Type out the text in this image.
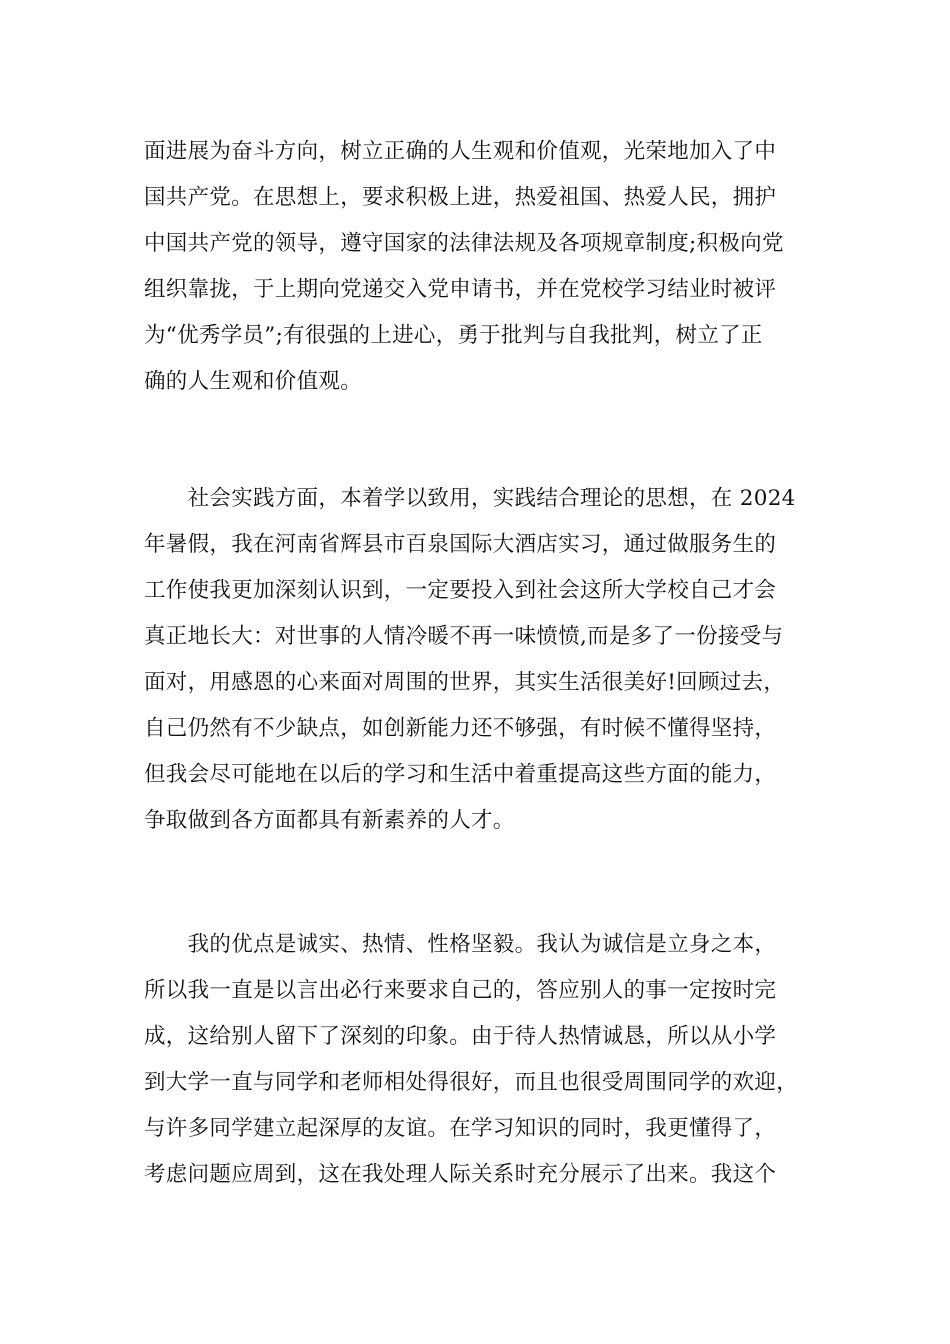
面进展为奋斗方向，树立正确的人生观和价值观，光荣地加入了中
国共产党。在思想上，要求积极上进，热爱祖国、热爱人民，拥护
中国共产党的领导，遵守国家的法律法规及各项规章制度;积极向党
组织靠拢，于上期向党递交入党申请书，并在党校学习结业时被评
为“优秀学员”;有很强的上进心，勇于批判与自我批判，树立了正
确的人生观和价值观。
　　社会实践方面，本着学以致用，实践结合理论的思想，在 2024
年暑假，我在河南省辉县市百泉国际大酒店实习，通过做服务生的
工作使我更加深刻认识到，一定要投入到社会这所大学校自己才会
真正地长大：对世事的人情冷暖不再一味愤愤,而是多了一份接受与
面对，用感恩的心来面对周围的世界，其实生活很美好!回顾过去，
自己仍然有不少缺点，如创新能力还不够强，有时候不懂得坚持，
但我会尽可能地在以后的学习和生活中着重提高这些方面的能力，
争取做到各方面都具有新素养的人才。
　　我的优点是诚实、热情、性格坚毅。我认为诚信是立身之本，
所以我一直是以言出必行来要求自己的，答应别人的事一定按时完
成，这给别人留下了深刻的印象。由于待人热情诚恳，所以从小学
到大学一直与同学和老师相处得很好，而且也很受周围同学的欢迎，
与许多同学建立起深厚的友谊。在学习知识的同时，我更懂得了，
考虑问题应周到，这在我处理人际关系时充分展示了出来。我这个
